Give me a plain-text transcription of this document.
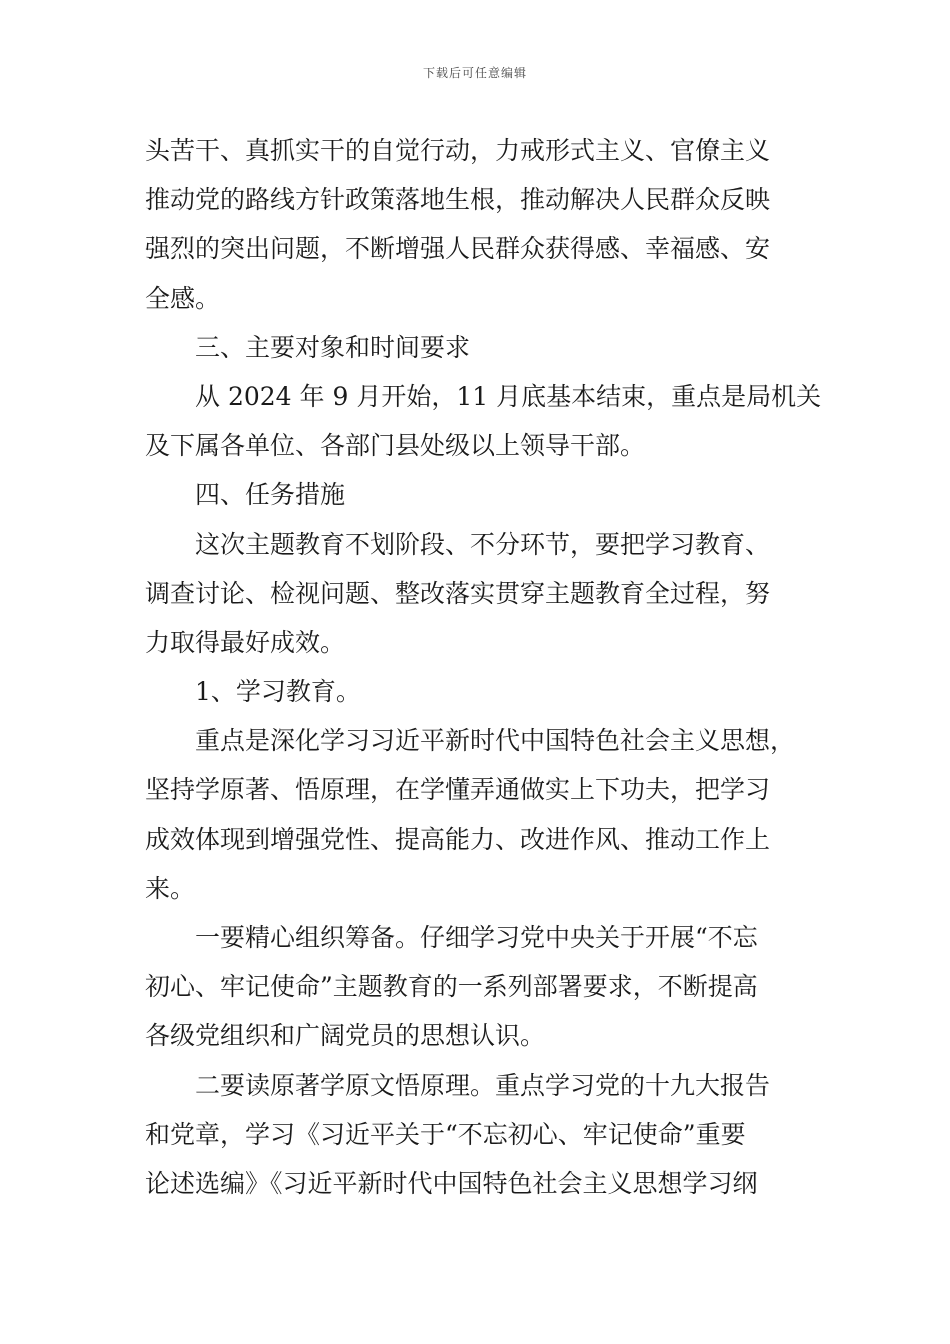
下载后可任意编辑
头苦干、真抓实干的自觉行动，力戒形式主义、官僚主义
推动党的路线方针政策落地生根，推动解决人民群众反映
强烈的突出问题，不断增强人民群众获得感、幸福感、安
全感。
三、主要对象和时间要求
从 2024 年 9 月开始，11 月底基本结束，重点是局机关
及下属各单位、各部门县处级以上领导干部。
四、任务措施
这次主题教育不划阶段、不分环节，要把学习教育、
调查讨论、检视问题、整改落实贯穿主题教育全过程，努
力取得最好成效。
1、学习教育。
重点是深化学习习近平新时代中国特色社会主义思想，
坚持学原著、悟原理，在学懂弄通做实上下功夫，把学习
成效体现到增强党性、提高能力、改进作风、推动工作上
来。
一要精心组织筹备。仔细学习党中央关于开展“不忘
初心、牢记使命”主题教育的一系列部署要求，不断提高
各级党组织和广阔党员的思想认识。
二要读原著学原文悟原理。重点学习党的十九大报告
和党章，学习《习近平关于“不忘初心、牢记使命”重要
论述选编》《习近平新时代中国特色社会主义思想学习纲
